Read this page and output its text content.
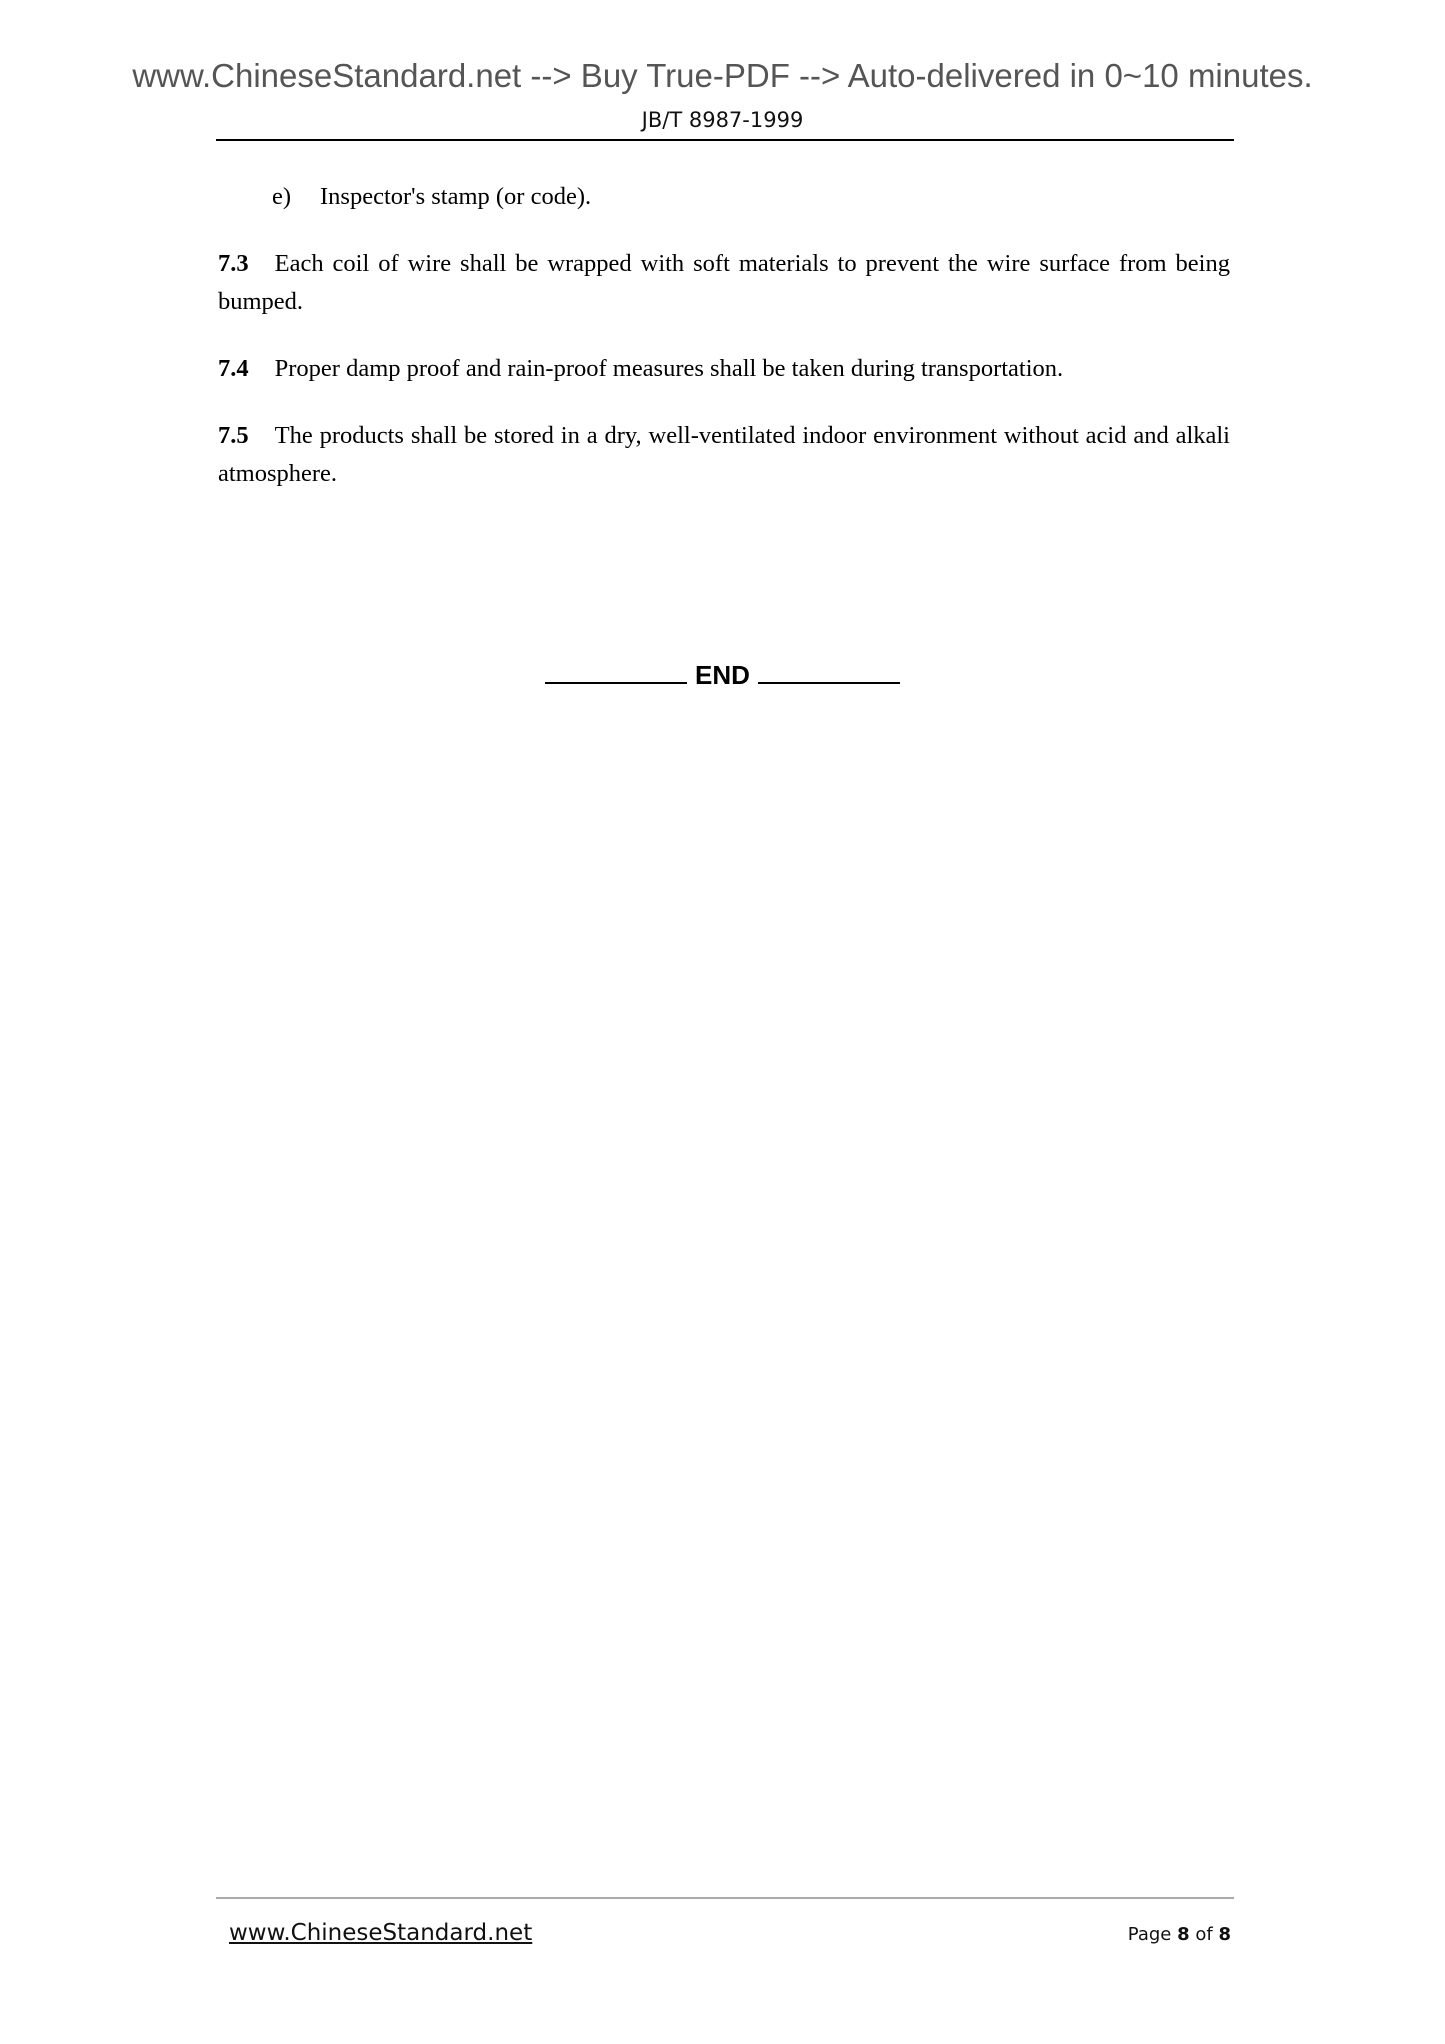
www.ChineseStandard.net --> Buy True-PDF --> Auto-delivered in 0~10 minutes.
JB/T 8987-1999
e) Inspector's stamp (or code).
7.3 Each coil of wire shall be wrapped with soft materials to prevent the wire surface from being bumped.
7.4 Proper damp proof and rain-proof measures shall be taken during transportation.
7.5 The products shall be stored in a dry, well-ventilated indoor environment without acid and alkali atmosphere.
END
www.ChineseStandard.net	Page 8 of 8
